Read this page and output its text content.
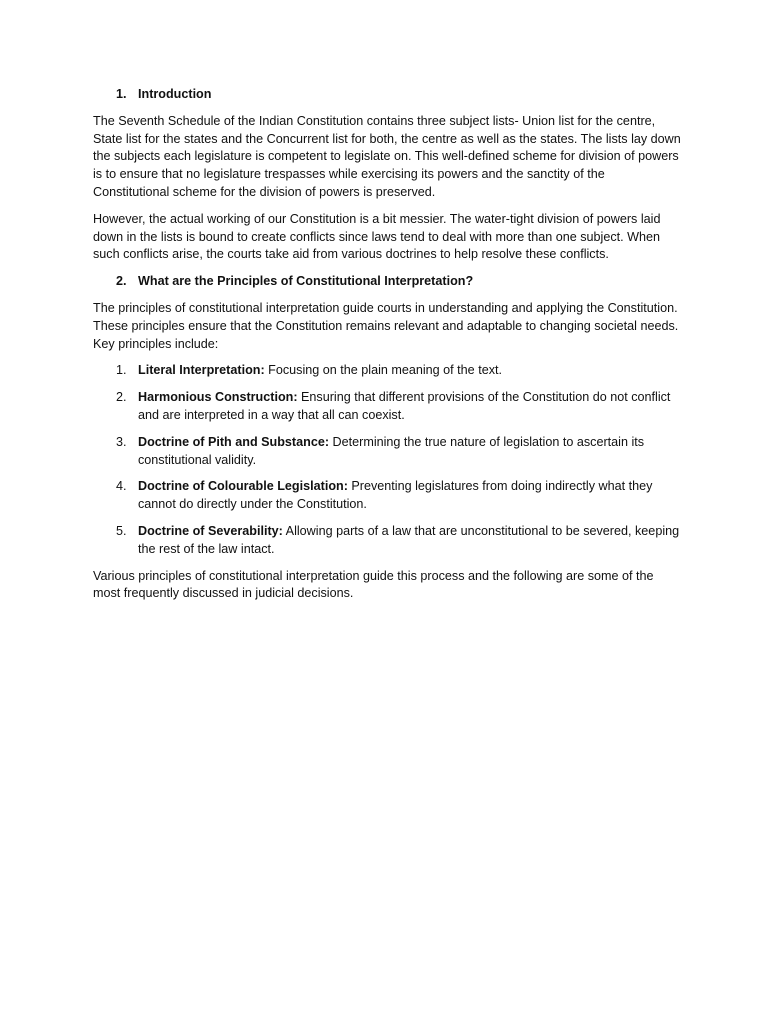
1. Introduction

The Seventh Schedule of the Indian Constitution contains three subject lists- Union list for the centre, State list for the states and the Concurrent list for both, the centre as well as the states. The lists lay down the subjects each legislature is competent to legislate on. This well-defined scheme for division of powers is to ensure that no legislature trespasses while exercising its powers and the sanctity of the Constitutional scheme for the division of powers is preserved.

However, the actual working of our Constitution is a bit messier. The water-tight division of powers laid down in the lists is bound to create conflicts since laws tend to deal with more than one subject. When such conflicts arise, the courts take aid from various doctrines to help resolve these conflicts.

2. What are the Principles of Constitutional Interpretation?

The principles of constitutional interpretation guide courts in understanding and applying the Constitution. These principles ensure that the Constitution remains relevant and adaptable to changing societal needs. Key principles include:

1. Literal Interpretation: Focusing on the plain meaning of the text.
2. Harmonious Construction: Ensuring that different provisions of the Constitution do not conflict and are interpreted in a way that all can coexist.
3. Doctrine of Pith and Substance: Determining the true nature of legislation to ascertain its constitutional validity.
4. Doctrine of Colourable Legislation: Preventing legislatures from doing indirectly what they cannot do directly under the Constitution.
5. Doctrine of Severability: Allowing parts of a law that are unconstitutional to be severed, keeping the rest of the law intact.

Various principles of constitutional interpretation guide this process and the following are some of the most frequently discussed in judicial decisions.
